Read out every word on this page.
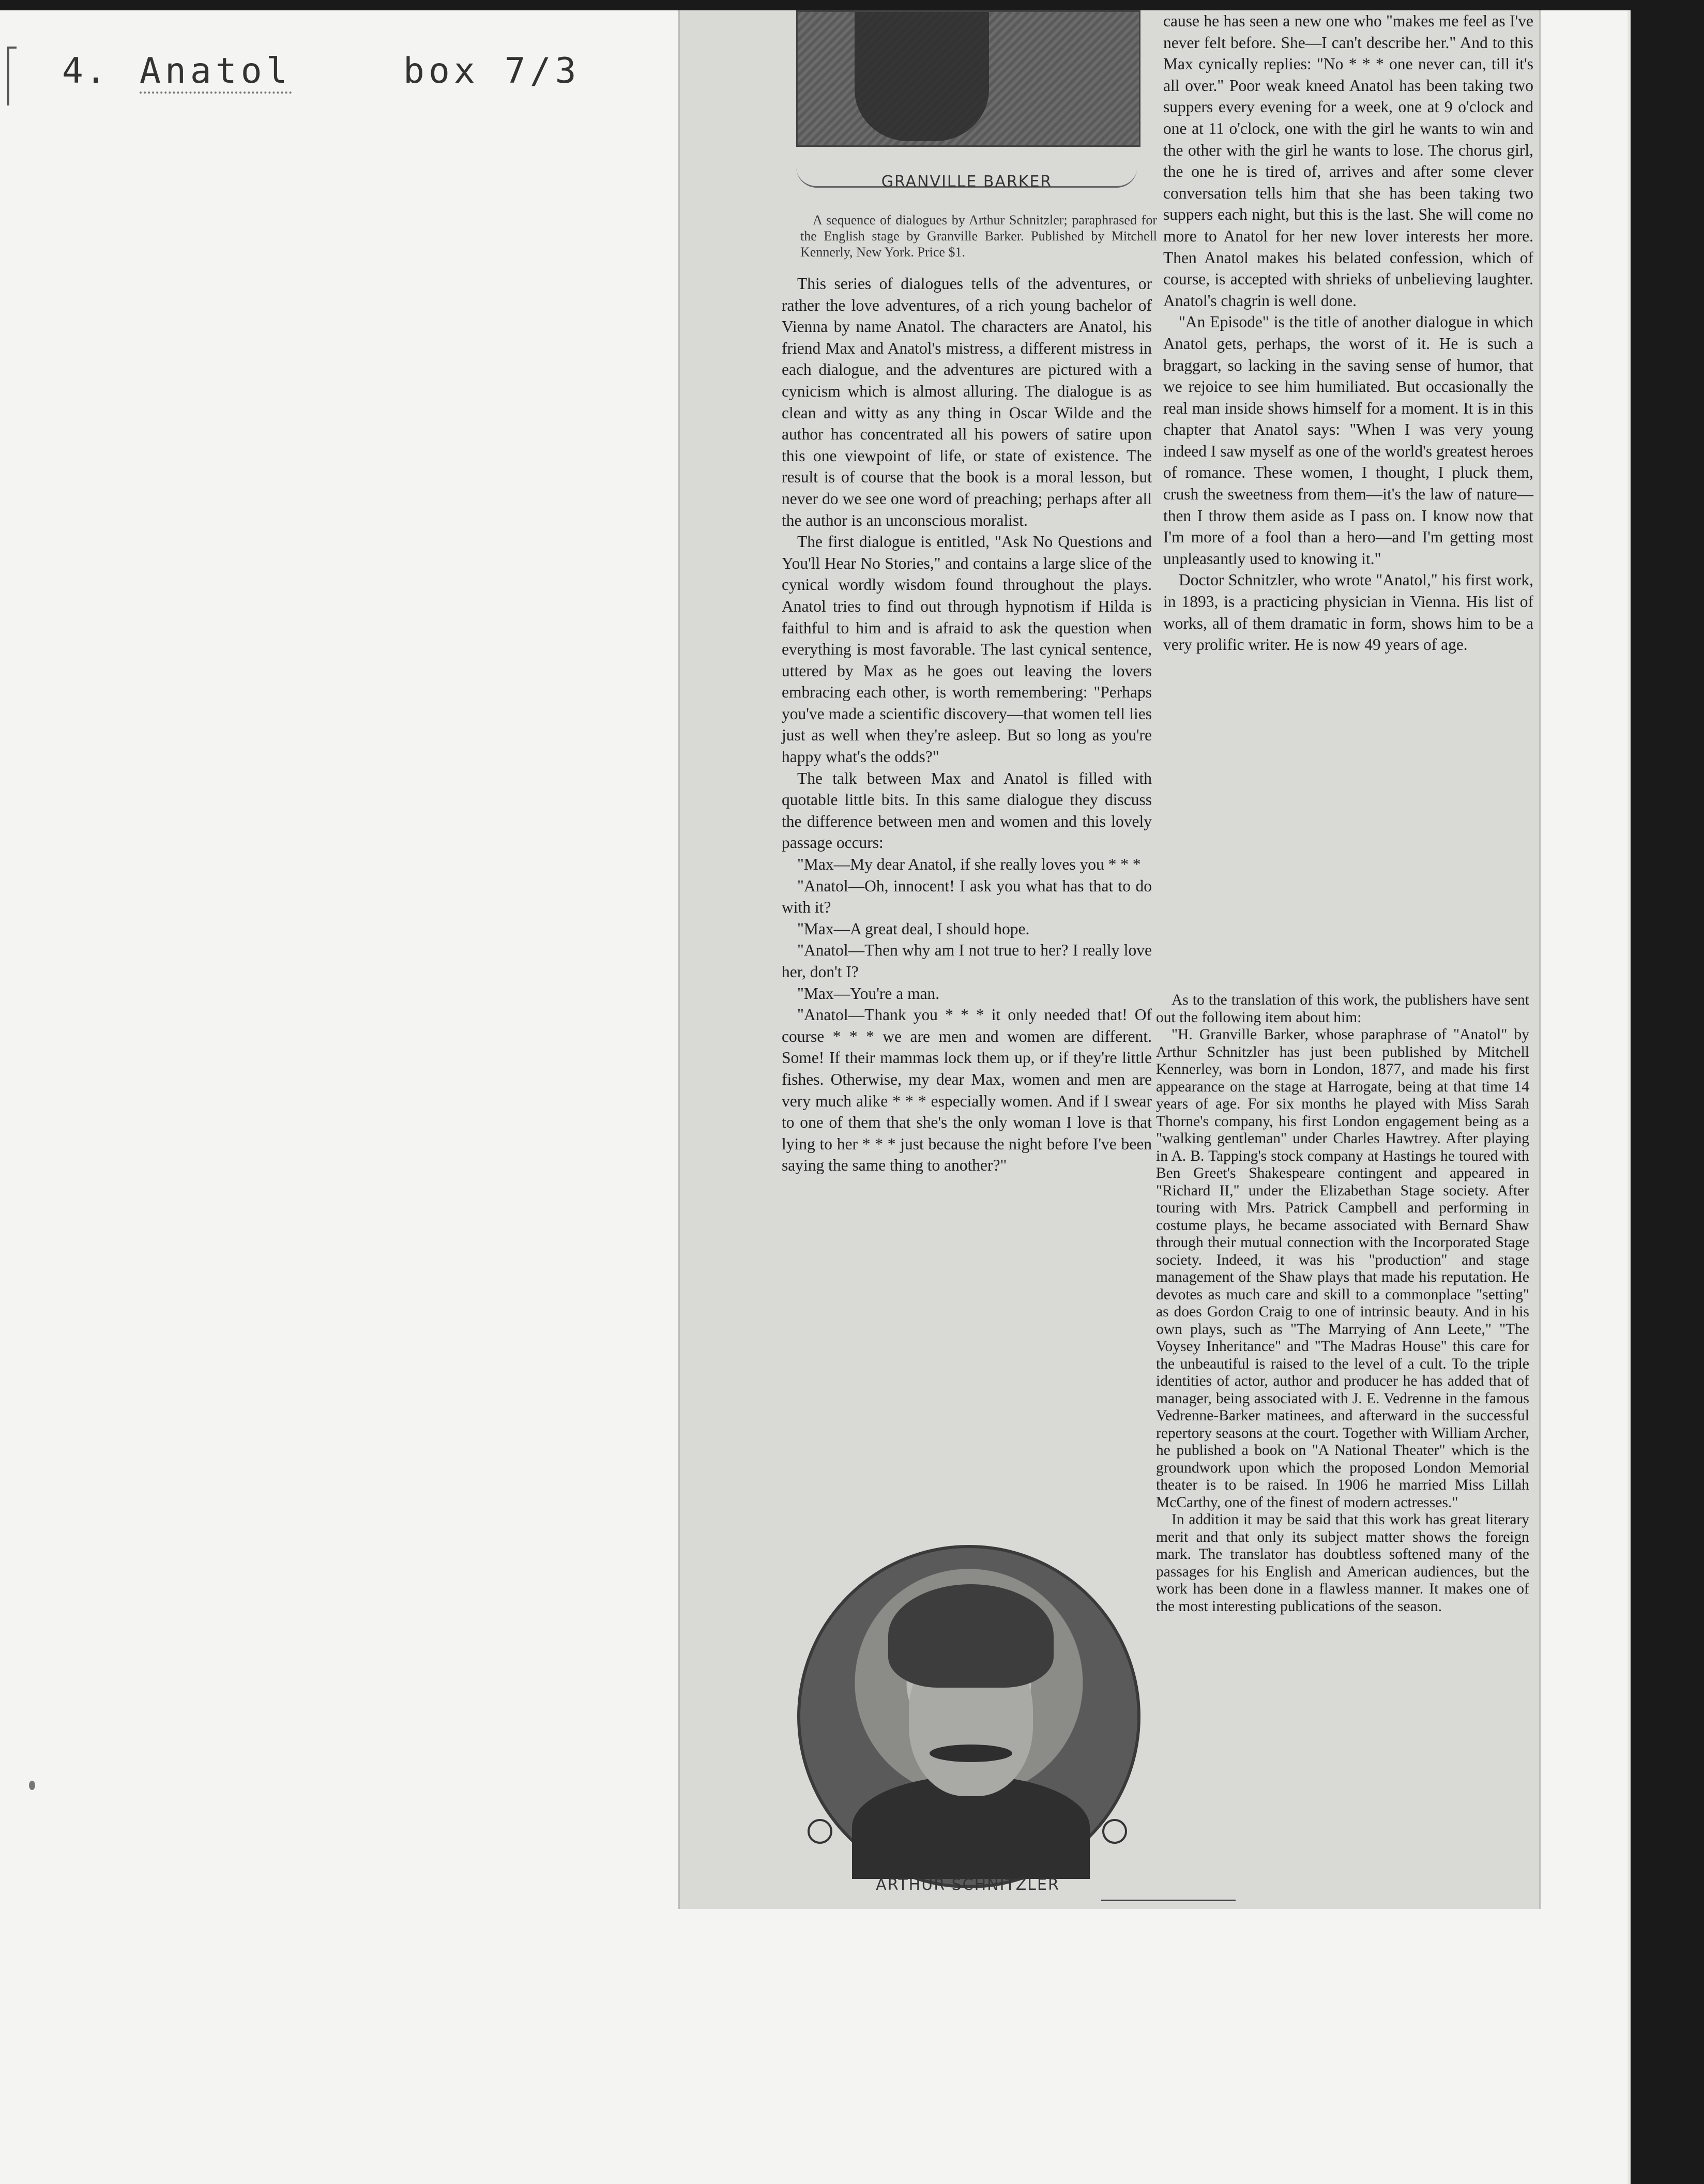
4. Anatol	box 7/3
GRANVILLE BARKER
A sequence of dialogues by Arthur Schnitzler; paraphrased for the English stage by Granville Barker. Published by Mitchell Kennerly, New York. Price $1.

This series of dialogues tells of the adventures, or rather the love adventures, of a rich young bachelor of Vienna by name Anatol. The characters are Anatol, his friend Max and Anatol's mistress, a different mistress in each dialogue, and the adventures are pictured with a cynicism which is almost alluring. The dialogue is as clean and witty as any thing in Oscar Wilde and the author has concentrated all his powers of satire upon this one viewpoint of life, or state of existence. The result is of course that the book is a moral lesson, but never do we see one word of preaching; perhaps after all the author is an unconscious moralist.

The first dialogue is entitled, "Ask No Questions and You'll Hear No Stories," and contains a large slice of the cynical wordly wisdom found throughout the plays. Anatol tries to find out through hypnotism if Hilda is faithful to him and is afraid to ask the question when everything is most favorable. The last cynical sentence, uttered by Max as he goes out leaving the lovers embracing each other, is worth remembering: "Perhaps you've made a scientific discovery—that women tell lies just as well when they're asleep. But so long as you're happy what's the odds?"

The talk between Max and Anatol is filled with quotable little bits. In this same dialogue they discuss the difference between men and women and this lovely passage occurs:

"Max—My dear Anatol, if she really loves you * * *

"Anatol—Oh, innocent! I ask you what has that to do with it?

"Max—A great deal, I should hope.

"Anatol—Then why am I not true to her? I really love her, don't I?

"Max—You're a man.

"Anatol—Thank you * * * it only needed that! Of course * * * we are men and women are different. Some! If their mammas lock them up, or if they're little fishes. Otherwise, my dear Max, women and men are very much alike * * * especially women. And if I swear to one of them that she's the only woman I love is that lying to her * * * just because the night before I've been saying the same thing to another?"

ARTHUR SCHNITZLER

cause he has seen a new one who "makes me feel as I've never felt before. She—I can't describe her." And to this Max cynically replies: "No * * * one never can, till it's all over." Poor weak kneed Anatol has been taking two suppers every evening for a week, one at 9 o'clock and one at 11 o'clock, one with the girl he wants to win and the other with the girl he wants to lose. The chorus girl, the one he is tired of, arrives and after some clever conversation tells him that she has been taking two suppers each night, but this is the last. She will come no more to Anatol for her new lover interests her more. Then Anatol makes his belated confession, which of course, is accepted with shrieks of unbelieving laughter. Anatol's chagrin is well done.

"An Episode" is the title of another dialogue in which Anatol gets, perhaps, the worst of it. He is such a braggart, so lacking in the saving sense of humor, that we rejoice to see him humiliated. But occasionally the real man inside shows himself for a moment. It is in this chapter that Anatol says: "When I was very young indeed I saw myself as one of the world's greatest heroes of romance. These women, I thought, I pluck them, crush the sweetness from them—it's the law of nature—then I throw them aside as I pass on. I know now that I'm more of a fool than a hero—and I'm getting most unpleasantly used to knowing it."

Doctor Schnitzler, who wrote "Anatol," his first work, in 1893, is a practicing physician in Vienna. His list of works, all of them dramatic in form, shows him to be a very prolific writer. He is now 49 years of age.

As to the translation of this work, the publishers have sent out the following item about him:

"H. Granville Barker, whose paraphrase of "Anatol" by Arthur Schnitzler has just been published by Mitchell Kennerley, was born in London, 1877, and made his first appearance on the stage at Harrogate, being at that time 14 years of age. For six months he played with Miss Sarah Thorne's company, his first London engagement being as a "walking gentleman" under Charles Hawtrey. After playing in A. B. Tapping's stock company at Hastings he toured with Ben Greet's Shakespeare contingent and appeared in "Richard II," under the Elizabethan Stage society. After touring with Mrs. Patrick Campbell and performing in costume plays, he became associated with Bernard Shaw through their mutual connection with the Incorporated Stage society. Indeed, it was his "production" and stage management of the Shaw plays that made his reputation. He devotes as much care and skill to a commonplace "setting" as does Gordon Craig to one of intrinsic beauty. And in his own plays, such as "The Marrying of Ann Leete," "The Voysey Inheritance" and "The Madras House" this care for the unbeautiful is raised to the level of a cult. To the triple identities of actor, author and producer he has added that of manager, being associated with J. E. Vedrenne in the famous Vedrenne-Barker matinees, and afterward in the successful repertory seasons at the court. Together with William Archer, he published a book on "A National Theater" which is the groundwork upon which the proposed London Memorial theater is to be raised. In 1906 he married Miss Lillah McCarthy, one of the finest of modern actresses."

In addition it may be said that this work has great literary merit and that only its subject matter shows the foreign mark. The translator has doubtless softened many of the passages for his English and American audiences, but the work has been done in a flawless manner. It makes one of the most interesting publications of the season.
